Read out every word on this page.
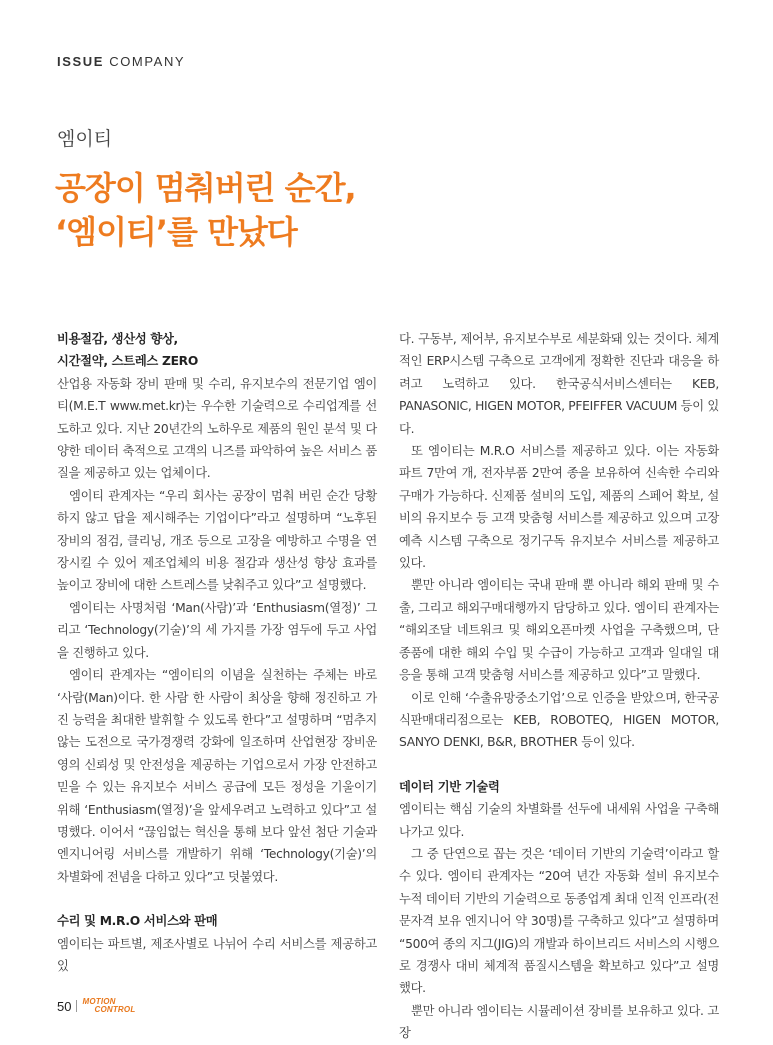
ISSUE COMPANY
엠이티
공장이 멈춰버린 순간,
‘엠이티’를 만났다

비용절감, 생산성 향상,

시간절약, 스트레스 ZERO

산업용 자동화 장비 판매 및 수리, 유지보수의 전문기업 엠이티(M.E.T www.met.kr)는 우수한 기술력으로 수리업계를 선도하고 있다. 지난 20년간의 노하우로 제품의 원인 분석 및 다양한 데이터 축적으로 고객의 니즈를 파악하여 높은 서비스 품질을 제공하고 있는 업체이다.

엠이티 관계자는 “우리 회사는 공장이 멈춰 버린 순간 당황하지 않고 답을 제시해주는 기업이다”라고 설명하며 “노후된 장비의 점검, 클리닝, 개조 등으로 고장을 예방하고 수명을 연장시킬 수 있어 제조업체의 비용 절감과 생산성 향상 효과를 높이고 장비에 대한 스트레스를 낮춰주고 있다”고 설명했다.

엠이티는 사명처럼 ‘Man(사람)’과 ‘Enthusiasm(열정)’ 그리고 ‘Technology(기술)’의 세 가지를 가장 염두에 두고 사업을 진행하고 있다.

엠이티 관계자는 “엠이티의 이념을 실천하는 주체는 바로 ‘사람(Man)이다. 한 사람 한 사람이 최상을 향해 정진하고 가진 능력을 최대한 발휘할 수 있도록 한다”고 설명하며 “멈추지 않는 도전으로 국가경쟁력 강화에 일조하며 산업현장 장비운영의 신뢰성 및 안전성을 제공하는 기업으로서 가장 안전하고 믿을 수 있는 유지보수 서비스 공급에 모든 정성을 기울이기 위해 ‘Enthusiasm(열정)’을 앞세우려고 노력하고 있다”고 설명했다. 이어서 “끊임없는 혁신을 통해 보다 앞선 첨단 기술과 엔지니어링 서비스를 개발하기 위해 ‘Technology(기술)’의 차별화에 전념을 다하고 있다”고 덧붙였다.

수리 및 M.R.O 서비스와 판매

엠이티는 파트별, 제조사별로 나뉘어 수리 서비스를 제공하고 있

다. 구동부, 제어부, 유지보수부로 세분화돼 있는 것이다. 체계적인 ERP시스템 구축으로 고객에게 정확한 진단과 대응을 하려고 노력하고 있다. 한국공식서비스센터는 KEB, PANASONIC, HIGEN MOTOR, PFEIFFER VACUUM 등이 있다.

또 엠이티는 M.R.O 서비스를 제공하고 있다. 이는 자동화 파트 7만여 개, 전자부품 2만여 종을 보유하여 신속한 수리와 구매가 가능하다. 신제품 설비의 도입, 제품의 스페어 확보, 설비의 유지보수 등 고객 맞춤형 서비스를 제공하고 있으며 고장 예측 시스템 구축으로 정기구독 유지보수 서비스를 제공하고 있다.

뿐만 아니라 엠이티는 국내 판매 뿐 아니라 해외 판매 및 수출, 그리고 해외구매대행까지 담당하고 있다. 엠이티 관계자는 “해외조달 네트워크 및 해외오픈마켓 사업을 구축했으며, 단종품에 대한 해외 수입 및 수급이 가능하고 고객과 일대일 대응을 통해 고객 맞춤형 서비스를 제공하고 있다”고 말했다.

이로 인해 ‘수출유망중소기업’으로 인증을 받았으며, 한국공식판매대리점으로는 KEB, ROBOTEQ, HIGEN MOTOR, SANYO DENKI, B&R, BROTHER 등이 있다.

데이터 기반 기술력

엠이티는 핵심 기술의 차별화를 선두에 내세워 사업을 구축해 나가고 있다.

그 중 단연으로 꼽는 것은 ‘데이터 기반의 기술력’이라고 할 수 있다. 엠이티 관계자는 “20여 년간 자동화 설비 유지보수 누적 데이터 기반의 기술력으로 동종업계 최대 인적 인프라(전문자격 보유 엔지니어 약 30명)를 구축하고 있다”고 설명하며 “500여 종의 지그(JIG)의 개발과 하이브리드 서비스의 시행으로 경쟁사 대비 체계적 품질시스템을 확보하고 있다”고 설명했다.

뿐만 아니라 엠이티는 시뮬레이션 장비를 보유하고 있다. 고장

50 MOTION
CONTROL
